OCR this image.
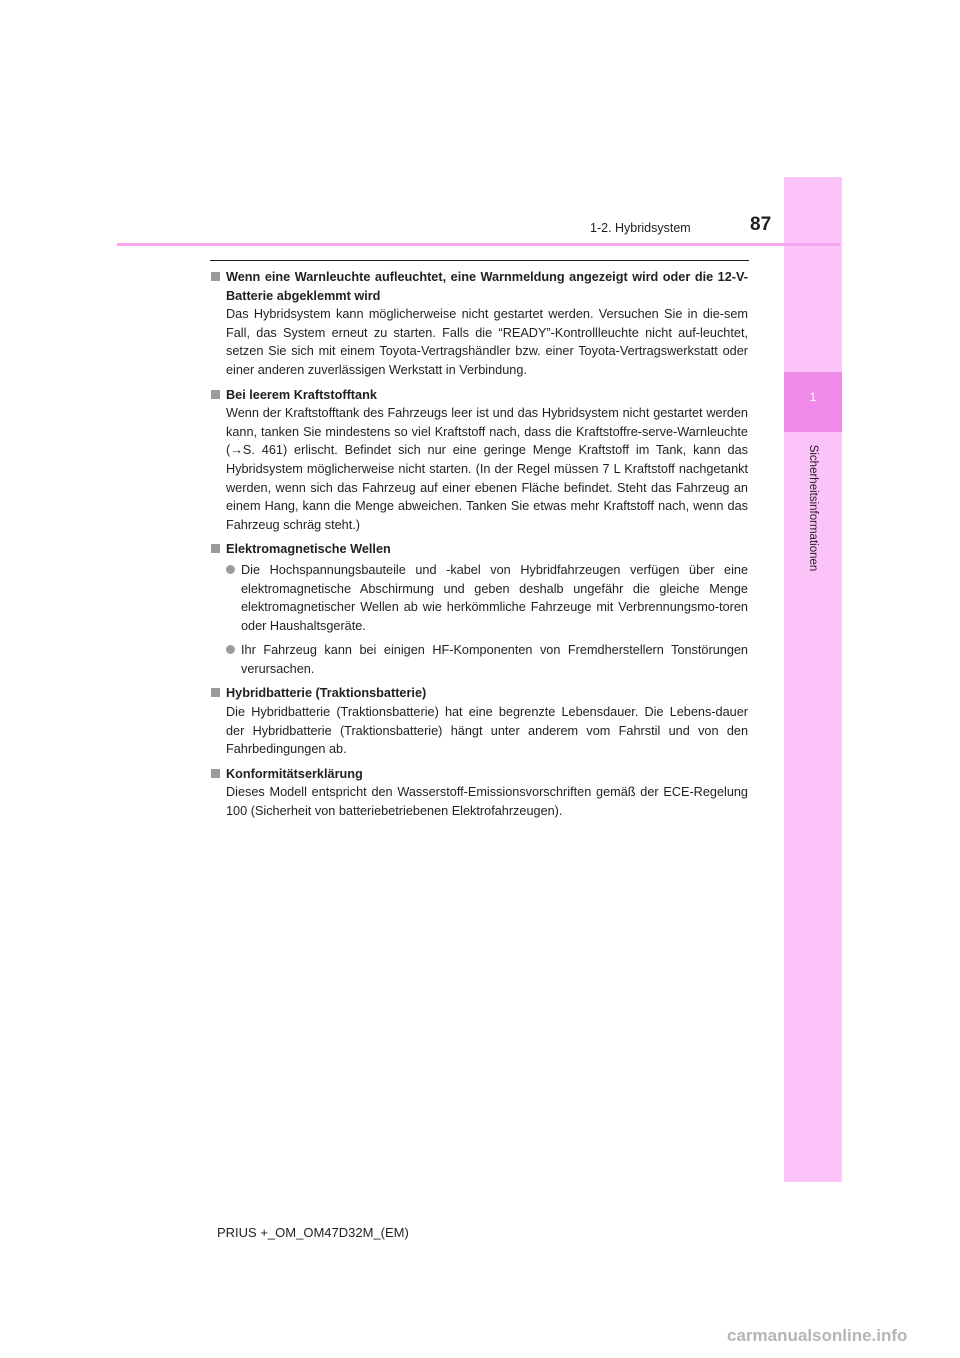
1
Sicherheitsinformationen
1-2. Hybridsystem	87
Wenn eine Warnleuchte aufleuchtet, eine Warnmeldung angezeigt wird oder die 12-V-Batterie abgeklemmt wird

Das Hybridsystem kann möglicherweise nicht gestartet werden. Versuchen Sie in die-sem Fall, das System erneut zu starten. Falls die “READY”-Kontrollleuchte nicht auf-leuchtet, setzen Sie sich mit einem Toyota-Vertragshändler bzw. einer Toyota-Vertragswerkstatt oder einer anderen zuverlässigen Werkstatt in Verbindung.

Bei leerem Kraftstofftank

Wenn der Kraftstofftank des Fahrzeugs leer ist und das Hybridsystem nicht gestartet werden kann, tanken Sie mindestens so viel Kraftstoff nach, dass die Kraftstoffre-serve-Warnleuchte (→S. 461) erlischt. Befindet sich nur eine geringe Menge Kraftstoff im Tank, kann das Hybridsystem möglicherweise nicht starten. (In der Regel müssen 7 L Kraftstoff nachgetankt werden, wenn sich das Fahrzeug auf einer ebenen Fläche befindet. Steht das Fahrzeug an einem Hang, kann die Menge abweichen. Tanken Sie etwas mehr Kraftstoff nach, wenn das Fahrzeug schräg steht.)

Elektromagnetische Wellen
Die Hochspannungsbauteile und -kabel von Hybridfahrzeugen verfügen über eine elektromagnetische Abschirmung und geben deshalb ungefähr die gleiche Menge elektromagnetischer Wellen ab wie herkömmliche Fahrzeuge mit Verbrennungsmo-toren oder Haushaltsgeräte.
Ihr Fahrzeug kann bei einigen HF-Komponenten von Fremdherstellern Tonstörungen verursachen.
Hybridbatterie (Traktionsbatterie)

Die Hybridbatterie (Traktionsbatterie) hat eine begrenzte Lebensdauer. Die Lebens-dauer der Hybridbatterie (Traktionsbatterie) hängt unter anderem vom Fahrstil und von den Fahrbedingungen ab.

Konformitätserklärung

Dieses Modell entspricht den Wasserstoff-Emissionsvorschriften gemäß der ECE-Regelung 100 (Sicherheit von batteriebetriebenen Elektrofahrzeugen).

PRIUS +_OM_OM47D32M_(EM)
carmanualsonline.info
